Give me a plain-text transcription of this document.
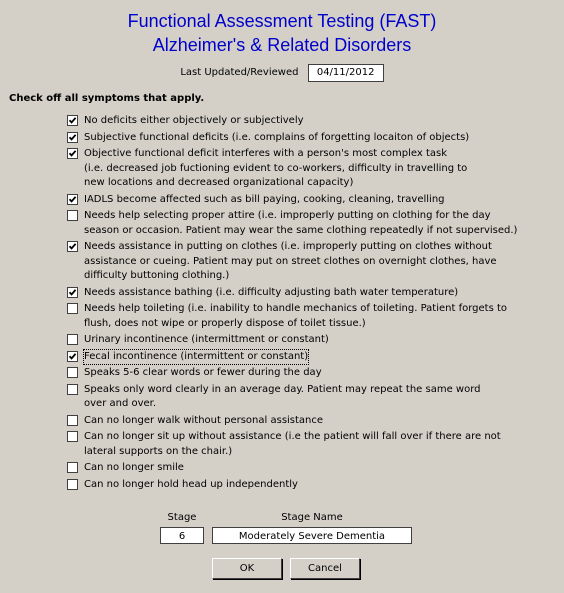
Functional Assessment Testing (FAST)
Alzheimer's & Related Disorders
Last Updated/Reviewed 04/11/2012
Check off all symptoms that apply.
No deficits either objectively or subjectively
Subjective functional deficits (i.e. complains of forgetting locaiton of objects)
Objective functional deficit interferes with a person's most complex task
(i.e. decreased job fuctioning evident to co-workers, difficulty in travelling to
new locations and decreased organizational capacity)
IADLS become affected such as bill paying, cooking, cleaning, travelling
Needs help selecting proper attire (i.e. improperly putting on clothing for the day
season or occasion. Patient may wear the same clothing repeatedly if not supervised.)
Needs assistance in putting on clothes (i.e. improperly putting on clothes without
assistance or cueing. Patient may put on street clothes on overnight clothes, have
difficulty buttoning clothing.)
Needs assistance bathing (i.e. difficulty adjusting bath water temperature)
Needs help toileting (i.e. inability to handle mechanics of toileting. Patient forgets to
flush, does not wipe or properly dispose of toilet tissue.)
Urinary incontinence (intermittment or constant)
Fecal incontinence (intermittent or constant)
Speaks 5-6 clear words or fewer during the day
Speaks only word clearly in an average day. Patient may repeat the same word
over and over.
Can no longer walk without personal assistance
Can no longer sit up without assistance (i.e the patient will fall over if there are not
lateral supports on the chair.)
Can no longer smile
Can no longer hold head up independently
Stage	Stage Name
6	Moderately Severe Dementia
OK	Cancel
